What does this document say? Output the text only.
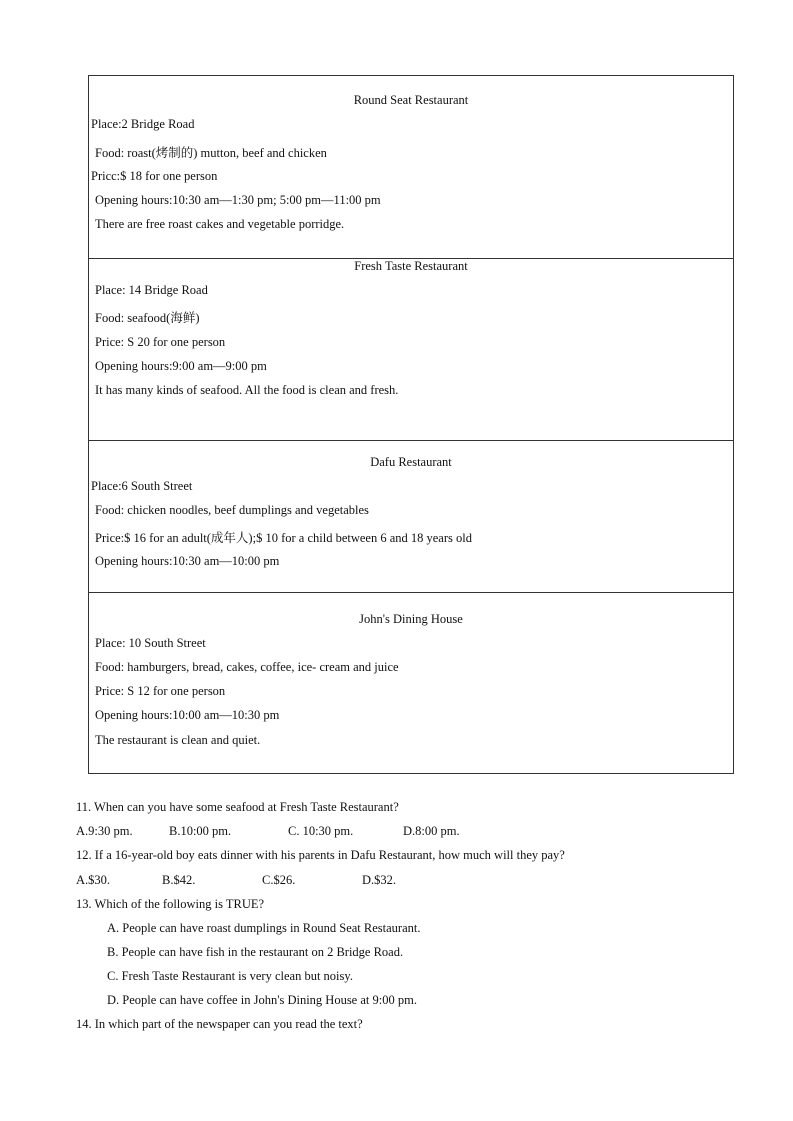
Round Seat Restaurant
Place:2 Bridge Road
Food: roast(烤制的) mutton, beef and chicken
Pricc:$ 18 for one person
Opening hours:10:30 am—1:30 pm; 5:00 pm—11:00 pm
There are free roast cakes and vegetable porridge.
Fresh Taste Restaurant
Place: 14 Bridge Road
Food: seafood(海鲜)
Price: S 20 for one person
Opening hours:9:00 am—9:00 pm
It has many kinds of seafood. All the food is clean and fresh.
Dafu Restaurant
Place:6 South Street
Food: chicken noodles, beef dumplings and vegetables
Price:$ 16 for an adult(成年人);$ 10 for a child between 6 and 18 years old
Opening hours:10:30 am—10:00 pm
John's Dining House
Place: 10 South Street
Food: hamburgers, bread, cakes, coffee, ice- cream and juice
Price: S 12 for one person
Opening hours:10:00 am—10:30 pm
The restaurant is clean and quiet.
11. When can you have some seafood at Fresh Taste Restaurant?
A.9:30 pm.	B.10:00 pm.	C. 10:30 pm.	D.8:00 pm.
12. If a 16-year-old boy eats dinner with his parents in Dafu Restaurant, how much will they pay?
A.$30.	B.$42.	C.$26.	D.$32.
13. Which of the following is TRUE?
A. People can have roast dumplings in Round Seat Restaurant.
B. People can have fish in the restaurant on 2 Bridge Road.
C. Fresh Taste Restaurant is very clean but noisy.
D. People can have coffee in John's Dining House at 9:00 pm.
14. In which part of the newspaper can you read the text?
